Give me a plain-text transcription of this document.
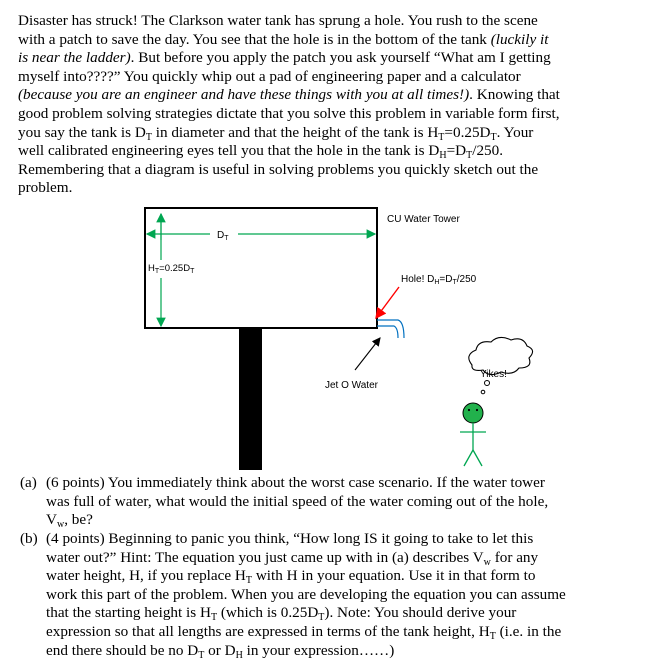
Disaster has struck! The Clarkson water tank has sprung a hole. You rush to the scene
with a patch to save the day. You see that the hole is in the bottom of the tank (luckily it
is near the ladder). But before you apply the patch you ask yourself “What am I getting
myself into????” You quickly whip out a pad of engineering paper and a calculator
(because you are an engineer and have these things with you at all times!). Knowing that
good problem solving strategies dictate that you solve this problem in variable form first,
you say the tank is $D_T$ in diameter and that the height of the tank is $H_T=0.25D_T$. Your
well calibrated engineering eyes tell you that the hole in the tank is $D_H=D_T/250$.
Remembering that a diagram is useful in solving problems you quickly sketch out the
problem.
$D_T$
$H_T=0.25D_T$
CU Water Tower
Hole! $D_H=D_T/250$
Jet O Water
Yikes!
(a) (6 points) You immediately think about the worst case scenario. If the water tower
was full of water, what would the initial speed of the water coming out of the hole,
$V_w$, be?
(b) (4 points) Beginning to panic you think, “How long IS it going to take to let this
water out?” Hint: The equation you just came up with in (a) describes $V_w$ for any
water height, H, if you replace $H_T$ with H in your equation. Use it in that form to
work this part of the problem. When you are developing the equation you can assume
that the starting height is $H_T$ (which is $0.25D_T$). Note: You should derive your
expression so that all lengths are expressed in terms of the tank height, $H_T$ (i.e. in the
end there should be no $D_T$ or $D_H$ in your expression……)
